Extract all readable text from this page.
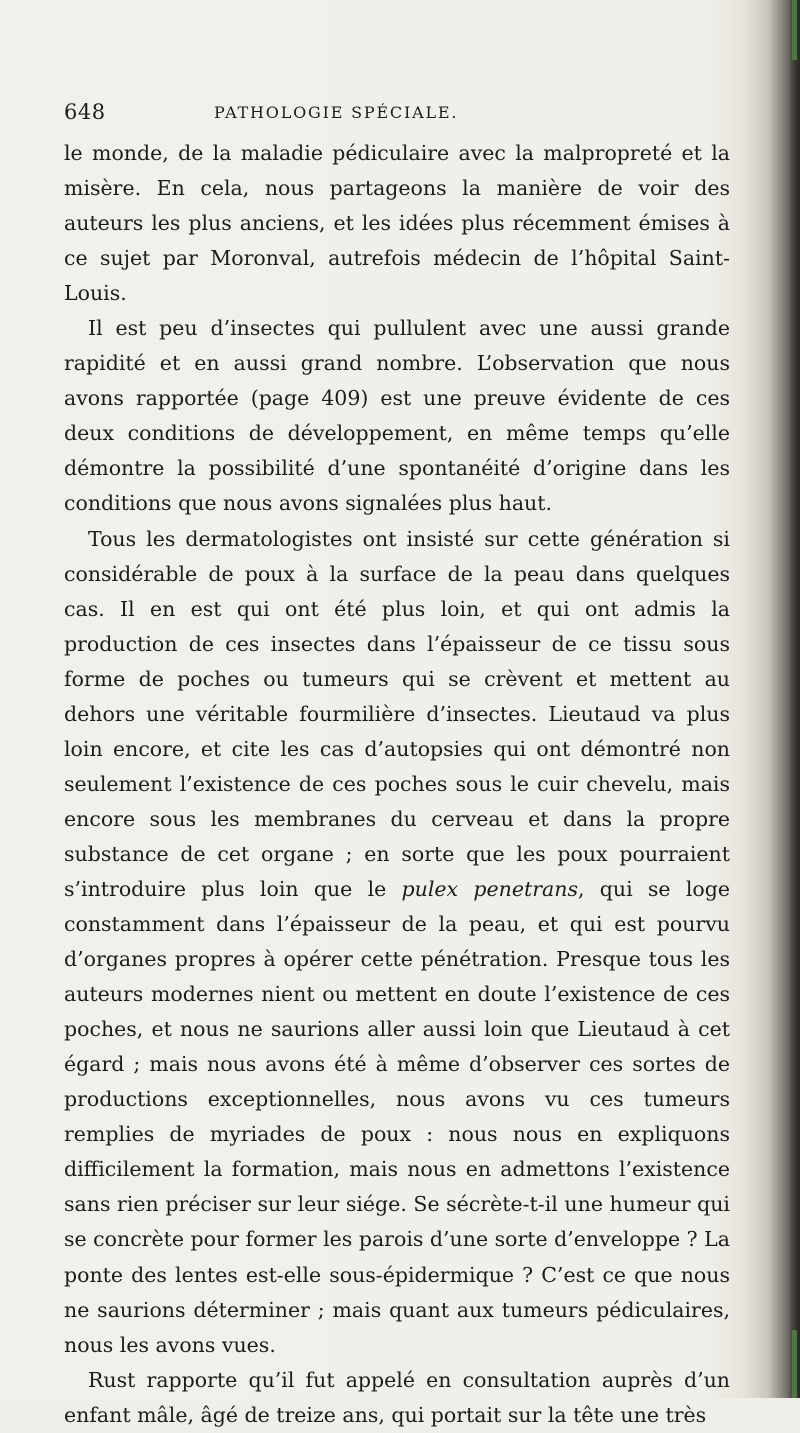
648	PATHOLOGIE SPÉCIALE.

le monde, de la maladie pédiculaire avec la malpropreté et la misère. En cela, nous partageons la manière de voir des auteurs les plus anciens, et les idées plus récemment émises à ce sujet par Moronval, autrefois médecin de l’hôpital Saint-Louis.

Il est peu d’insectes qui pullulent avec une aussi grande rapidité et en aussi grand nombre. L’observation que nous avons rapportée (page 409) est une preuve évidente de ces deux conditions de développement, en même temps qu’elle démontre la possibilité d’une spontanéité d’origine dans les conditions que nous avons signalées plus haut.

Tous les dermatologistes ont insisté sur cette génération si considérable de poux à la surface de la peau dans quelques cas. Il en est qui ont été plus loin, et qui ont admis la production de ces insectes dans l’épaisseur de ce tissu sous forme de poches ou tumeurs qui se crèvent et mettent au dehors une véritable fourmilière d’insectes. Lieutaud va plus loin encore, et cite les cas d’autopsies qui ont démontré non seulement l’existence de ces poches sous le cuir chevelu, mais encore sous les membranes du cerveau et dans la propre substance de cet organe ; en sorte que les poux pourraient s’introduire plus loin que le pulex penetrans, qui se loge constamment dans l’épaisseur de la peau, et qui est pourvu d’organes propres à opérer cette pénétration. Presque tous les auteurs modernes nient ou mettent en doute l’existence de ces poches, et nous ne saurions aller aussi loin que Lieutaud à cet égard ; mais nous avons été à même d’observer ces sortes de productions exceptionnelles, nous avons vu ces tumeurs remplies de myriades de poux : nous nous en expliquons difficilement la formation, mais nous en admettons l’existence sans rien préciser sur leur siége. Se sécrète-t-il une humeur qui se concrète pour former les parois d’une sorte d’enveloppe ? La ponte des lentes est-elle sous-épidermique ? C’est ce que nous ne saurions déterminer ; mais quant aux tumeurs pédiculaires, nous les avons vues.

Rust rapporte qu’il fut appelé en consultation auprès d’un enfant mâle, âgé de treize ans, qui portait sur la tête une très
